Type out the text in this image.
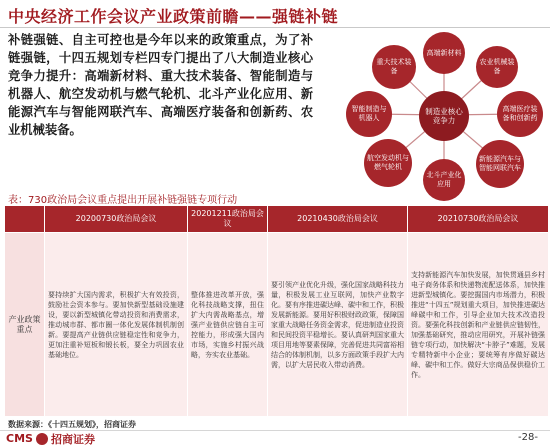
中央经济工作会议产业政策前瞻——强链补链
补链强链、自主可控也是今年以来的政策重点，为了补链强链，十四五规划专栏四专门提出了八大制造业核心竞争力提升：高端新材料、重大技术装备、智能制造与机器人、航空发动机与燃气轮机、北斗产业化应用、新能源汽车与智能网联汽车、高端医疗装备和创新药、农业机械装备。
制造业核心竞争力
高端新材料
农业机械装备
高端医疗装备和创新药
新能源汽车与智能网联汽车
北斗产业化应用
航空发动机与燃气轮机
智能制造与机器人
重大技术装备
表：730政治局会议重点提出开展补链强链专项行动
	20200730政治局会议	20201211政治局会议	20210430政治局会议	20210730政治局会议
产业政策重点	要持续扩大国内需求，积极扩大有效投资，鼓励社会资本参与。要加快新型基础设施建设，要以新型城镇化带动投资和消费需求，推动城市群、都市圈一体化发展体制机制创新。要提高产业链供应链稳定性和竞争力，更加注重补短板和锻长板，要全力巩固农业基础地位。	整体推进改革开放，强化科技战略支撑，扭住扩大内需战略基点，增强产业链供应链自主可控能力，形成强大国内市场，实施乡村振兴战略，夯实农业基础。	要引领产业优化升级，强化国家战略科技力量，积极发展工业互联网，加快产业数字化。要有序推进碳达峰、碳中和工作，积极发展新能源。要用好积极财政政策，保障国家重大战略任务资金需求，促进制造业投资和民间投资平稳增长。要认真研判国家重大项目用地等要素保障，完善促进共同富裕相结合的体制机制，以多方面政策手段扩大内需，以扩大居民收入带动消费。	支持新能源汽车加快发展，加快贯通县乡村电子商务体系和快递物流配送体系，加快推进新型城镇化。要挖掘国内市场潜力，积极推进“十四五”规划重大项目，加快推进碳达峰碳中和工作，引导企业加大技术改造投资。要强化科技创新和产业链供应链韧性，加强基础研究，推动应用研究，开展补链强链专项行动，加快解决“卡脖子”难题，发展专精特新中小企业；要统筹有序做好碳达峰、碳中和工作。做好大宗商品保供稳价工作。
数据来源：《十四五规划》，招商证券
CMS 招商证券	-28-
